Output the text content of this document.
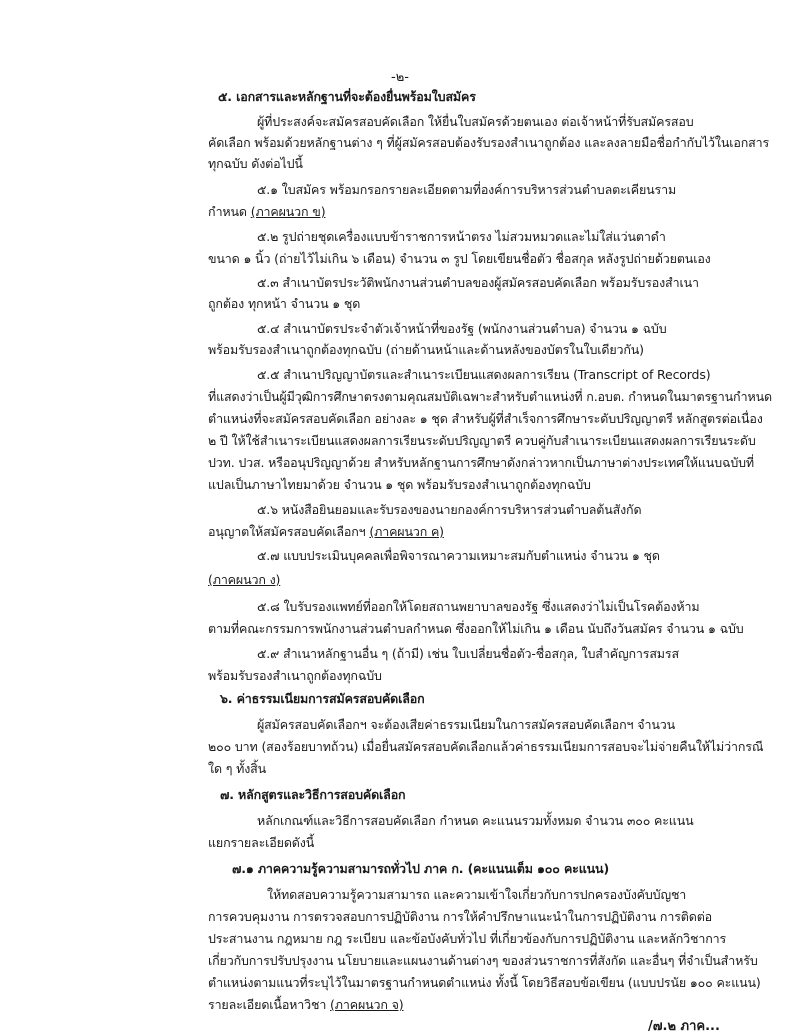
-๒-
๕. เอกสารและหลักฐานที่จะต้องยื่นพร้อมใบสมัคร
ผู้ที่ประสงค์จะสมัครสอบคัดเลือก ให้ยื่นใบสมัครด้วยตนเอง ต่อเจ้าหน้าที่รับสมัครสอบ
คัดเลือก พร้อมด้วยหลักฐานต่าง ๆ ที่ผู้สมัครสอบต้องรับรองสำเนาถูกต้อง และลงลายมือชื่อกำกับไว้ในเอกสาร
ทุกฉบับ ดังต่อไปนี้
๕.๑ ใบสมัคร พร้อมกรอกรายละเอียดตามที่องค์การบริหารส่วนตำบลตะเคียนราม
กำหนด (ภาคผนวก ข)
๕.๒ รูปถ่ายชุดเครื่องแบบข้าราชการหน้าตรง ไม่สวมหมวดและไม่ใส่แว่นตาดำ
ขนาด ๑ นิ้ว (ถ่ายไว้ไม่เกิน ๖ เดือน) จำนวน ๓ รูป โดยเขียนชื่อตัว ชื่อสกุล หลังรูปถ่ายด้วยตนเอง
๕.๓ สำเนาบัตรประวัติพนักงานส่วนตำบลของผู้สมัครสอบคัดเลือก พร้อมรับรองสำเนา
ถูกต้อง ทุกหน้า จำนวน ๑ ชุด
๕.๔ สำเนาบัตรประจำตัวเจ้าหน้าที่ของรัฐ (พนักงานส่วนตำบล) จำนวน ๑ ฉบับ
พร้อมรับรองสำเนาถูกต้องทุกฉบับ (ถ่ายด้านหน้าและด้านหลังของบัตรในใบเดียวกัน)
๕.๕ สำเนาปริญญาบัตรและสำเนาระเบียนแสดงผลการเรียน (Transcript of Records)
ที่แสดงว่าเป็นผู้มีวุฒิการศึกษาตรงตามคุณสมบัติเฉพาะสำหรับตำแหน่งที่ ก.อบต. กำหนดในมาตรฐานกำหนด
ตำแหน่งที่จะสมัครสอบคัดเลือก อย่างละ ๑ ชุด สำหรับผู้ที่สำเร็จการศึกษาระดับปริญญาตรี หลักสูตรต่อเนื่อง
๒ ปี ให้ใช้สำเนาระเบียนแสดงผลการเรียนระดับปริญญาตรี ควบคู่กับสำเนาระเบียนแสดงผลการเรียนระดับ
ปวท. ปวส. หรืออนุปริญญาด้วย สำหรับหลักฐานการศึกษาดังกล่าวหากเป็นภาษาต่างประเทศให้แนบฉบับที่
แปลเป็นภาษาไทยมาด้วย จำนวน ๑ ชุด พร้อมรับรองสำเนาถูกต้องทุกฉบับ
๕.๖ หนังสือยินยอมและรับรองของนายกองค์การบริหารส่วนตำบลต้นสังกัด
อนุญาตให้สมัครสอบคัดเลือกฯ (ภาคผนวก ค)
๕.๗ แบบประเมินบุคคลเพื่อพิจารณาความเหมาะสมกับตำแหน่ง จำนวน ๑ ชุด
(ภาคผนวก ง)
๕.๘ ใบรับรองแพทย์ที่ออกให้โดยสถานพยาบาลของรัฐ ซึ่งแสดงว่าไม่เป็นโรคต้องห้าม
ตามที่คณะกรรมการพนักงานส่วนตำบลกำหนด ซึ่งออกให้ไม่เกิน ๑ เดือน นับถึงวันสมัคร จำนวน ๑ ฉบับ
๕.๙ สำเนาหลักฐานอื่น ๆ (ถ้ามี) เช่น ใบเปลี่ยนชื่อตัว-ชื่อสกุล, ใบสำคัญการสมรส
พร้อมรับรองสำเนาถูกต้องทุกฉบับ
๖. ค่าธรรมเนียมการสมัครสอบคัดเลือก
ผู้สมัครสอบคัดเลือกฯ จะต้องเสียค่าธรรมเนียมในการสมัครสอบคัดเลือกฯ จำนวน
๒๐๐ บาท (สองร้อยบาทถ้วน) เมื่อยื่นสมัครสอบคัดเลือกแล้วค่าธรรมเนียมการสอบจะไม่จ่ายคืนให้ไม่ว่ากรณี
ใด ๆ ทั้งสิ้น
๗. หลักสูตรและวิธีการสอบคัดเลือก
หลักเกณฑ์และวิธีการสอบคัดเลือก กำหนด คะแนนรวมทั้งหมด จำนวน ๓๐๐ คะแนน
แยกรายละเอียดดังนี้
๗.๑ ภาคความรู้ความสามารถทั่วไป ภาค ก. (คะแนนเต็ม ๑๐๐ คะแนน)
ให้ทดสอบความรู้ความสามารถ และความเข้าใจเกี่ยวกับการปกครองบังคับบัญชา
การควบคุมงาน การตรวจสอบการปฏิบัติงาน การให้คำปรึกษาแนะนำในการปฏิบัติงาน การติดต่อ
ประสานงาน กฎหมาย กฎ ระเบียบ และข้อบังคับทั่วไป ที่เกี่ยวข้องกับการปฏิบัติงาน และหลักวิชาการ
เกี่ยวกับการปรับปรุงงาน นโยบายและแผนงานด้านต่างๆ ของส่วนราชการที่สังกัด และอื่นๆ ที่จำเป็นสำหรับ
ตำแหน่งตามแนวที่ระบุไว้ในมาตรฐานกำหนดตำแหน่ง ทั้งนี้ โดยวิธีสอบข้อเขียน (แบบปรนัย ๑๐๐ คะแนน)
รายละเอียดเนื้อหาวิชา (ภาคผนวก จ)
/๗.๒ ภาค...
